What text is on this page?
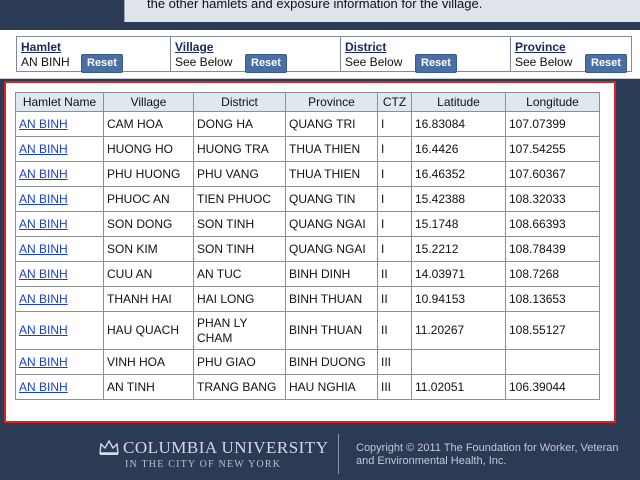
the other hamlets and exposure information for the village.
Hamlet
AN BINH	Reset
Village
See Below	Reset
District
See Below	Reset
Province
See Below	Reset
Hamlet Name	Village	District	Province	CTZ	Latitude	Longitude
AN BINH	CAM HOA	DONG HA	QUANG TRI	I	16.83084	107.07399
AN BINH	HUONG HO	HUONG TRA	THUA THIEN	I	16.4426	107.54255
AN BINH	PHU HUONG	PHU VANG	THUA THIEN	I	16.46352	107.60367
AN BINH	PHUOC AN	TIEN PHUOC	QUANG TIN	I	15.42388	108.32033
AN BINH	SON DONG	SON TINH	QUANG NGAI	I	15.1748	108.66393
AN BINH	SON KIM	SON TINH	QUANG NGAI	I	15.2212	108.78439
AN BINH	CUU AN	AN TUC	BINH DINH	II	14.03971	108.7268
AN BINH	THANH HAI	HAI LONG	BINH THUAN	II	10.94153	108.13653
AN BINH	HAU QUACH	PHAN LY CHAM	BINH THUAN	II	11.20267	108.55127
AN BINH	VINH HOA	PHU GIAO	BINH DUONG	III		
AN BINH	AN TINH	TRANG BANG	HAU NGHIA	III	11.02051	106.39044
COLUMBIA UNIVERSITY
IN THE CITY OF NEW YORK
Copyright © 2011 The Foundation for Worker, Veteran and Environmental Health, Inc.
